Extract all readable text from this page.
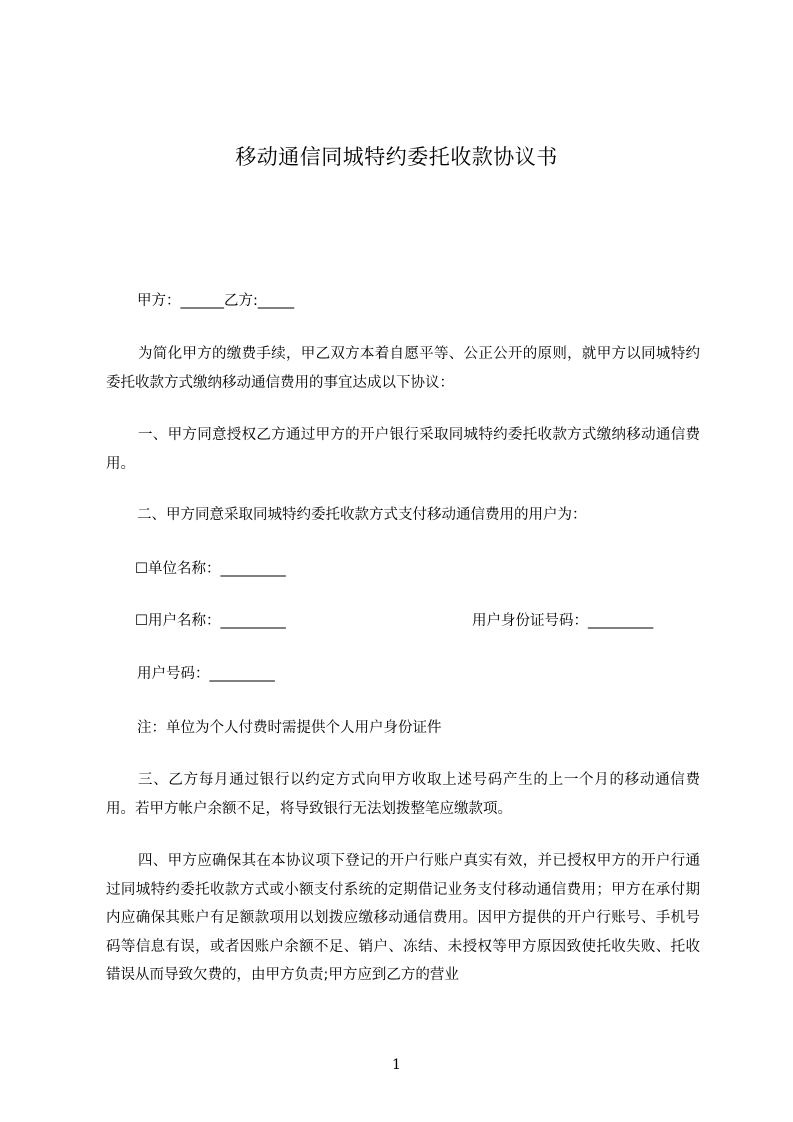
移动通信同城特约委托收款协议书
甲方：______乙方:_____
为简化甲方的缴费手续，甲乙双方本着自愿平等、公正公开的原则，就甲方以同城特约委托收款方式缴纳移动通信费用的事宜达成以下协议：
一、甲方同意授权乙方通过甲方的开户银行采取同城特约委托收款方式缴纳移动通信费用。
二、甲方同意采取同城特约委托收款方式支付移动通信费用的用户为：
☐单位名称：_________
☐用户名称：_________	用户身份证号码：_________
用户号码：_________
注：单位为个人付费时需提供个人用户身份证件
三、乙方每月通过银行以约定方式向甲方收取上述号码产生的上一个月的移动通信费用。若甲方帐户余额不足，将导致银行无法划拨整笔应缴款项。
四、甲方应确保其在本协议项下登记的开户行账户真实有效，并已授权甲方的开户行通过同城特约委托收款方式或小额支付系统的定期借记业务支付移动通信费用；甲方在承付期内应确保其账户有足额款项用以划拨应缴移动通信费用。因甲方提供的开户行账号、手机号码等信息有误，或者因账户余额不足、销户、冻结、未授权等甲方原因致使托收失败、托收错误从而导致欠费的，由甲方负责;甲方应到乙方的营业
1
